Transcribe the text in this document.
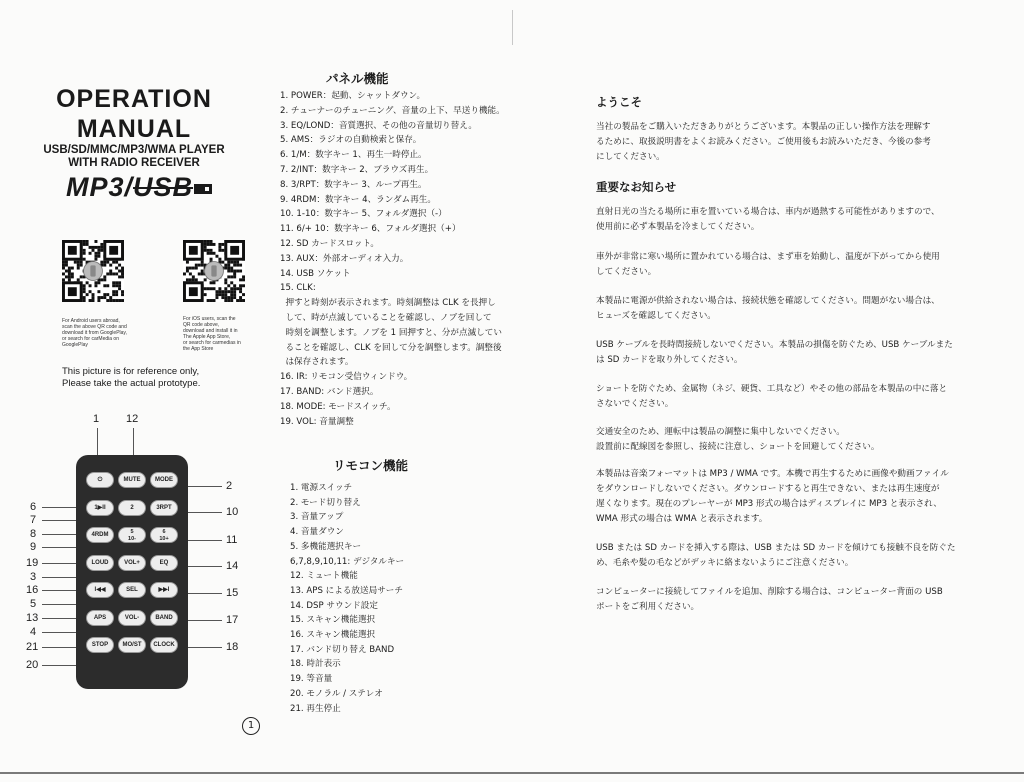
OPERATION
MANUAL
USB/SD/MMC/MP3/WMA PLAYER
WITH RADIO RECEIVER
MP3/USB
For Android users abroad,
scan the above QR code and
download it from GooglePlay,
or search for carMedia on
GooglePlay
For iOS users, scan the
QR code above,
download and install it in
The Apple App Store,
or search for carmedias in
the App Store
This picture is for reference only,
Please take the actual prototype.
1 12
6
7
8
9
19
3
16
5
13
4
21
20
2
10
11
14
15
17
18
⏻	MUTE	MODE
1▶II	2	3RPT
4RDM	5
10-
6
10+
LOUD	VOL+	EQ
I◀◀	SEL	▶▶I
APS	VOL-	BAND
STOP	MO/ST	CLOCK
1
パネル機能
1. POWER：起動、シャットダウン。
2. チューナーのチューニング、音量の上下、早送り機能。
3. EQ/LOND：音質選択、その他の音量切り替え。
5. AMS：ラジオの自動検索と保存。
6. 1/M：数字キー 1、再生一時停止。
7. 2/INT：数字キー 2、ブラウズ再生。
8. 3/RPT：数字キー 3、ループ再生。
9. 4RDM：数字キー 4、ランダム再生。
10. 1-10：数字キー 5、フォルダ選択（-）
11. 6/+ 10：数字キー 6、フォルダ選択（+）
12. SD カードスロット。
13. AUX：外部オーディオ入力。
14. USB ソケット
15. CLK:
押すと時刻が表示されます。時刻調整は CLK を長押し
して、時が点滅していることを確認し、ノブを回して
時刻を調整します。ノブを 1 回押すと、分が点滅してい
ることを確認し、CLK を回して分を調整します。調整後
は保存されます。
16. IR: リモコン受信ウィンドウ。
17. BAND: バンド選択。
18. MODE: モードスイッチ。
19. VOL: 音量調整
リモコン機能
1. 電源スイッチ
2. モード切り替え
3. 音量アップ
4. 音量ダウン
5. 多機能選択キー
6,7,8,9,10,11: デジタルキー
12. ミュート機能
13. APS による放送局サーチ
14. DSP サウンド設定
15. スキャン機能選択
16. スキャン機能選択
17. バンド切り替え BAND
18. 時計表示
19. 等音量
20. モノラル / ステレオ
21. 再生停止
ようこそ
当社の製品をご購入いただきありがとうございます。本製品の正しい操作方法を理解す
るために、取扱説明書をよくお読みください。ご使用後もお読みいただき、今後の参考
にしてください。
重要なお知らせ
直射日光の当たる場所に車を置いている場合は、車内が過熱する可能性がありますので、
使用前に必ず本製品を冷ましてください。
車外が非常に寒い場所に置かれている場合は、まず車を始動し、温度が下がってから使用
してください。
本製品に電源が供給されない場合は、接続状態を確認してください。問題がない場合は、
ヒューズを確認してください。
USB ケーブルを長時間接続しないでください。本製品の損傷を防ぐため、USB ケーブルまた
は SD カードを取り外してください。
ショートを防ぐため、金属物（ネジ、硬貨、工具など）やその他の部品を本製品の中に落と
さないでください。
交通安全のため、運転中は製品の調整に集中しないでください。
設置前に配線図を参照し、接続に注意し、ショートを回避してください。
本製品は音楽フォーマットは MP3 / WMA です。本機で再生するために画像や動画ファイル
をダウンロードしないでください。ダウンロードすると再生できない、または再生速度が
遅くなります。現在のプレーヤーが MP3 形式の場合はディスプレイに MP3 と表示され、
WMA 形式の場合は WMA と表示されます。
USB または SD カードを挿入する際は、USB または SD カードを傾けても接触不良を防ぐた
め、毛糸や髪の毛などがデッキに絡まないようにご注意ください。
コンピューターに接続してファイルを追加、削除する場合は、コンピューター背面の USB
ポートをご利用ください。
